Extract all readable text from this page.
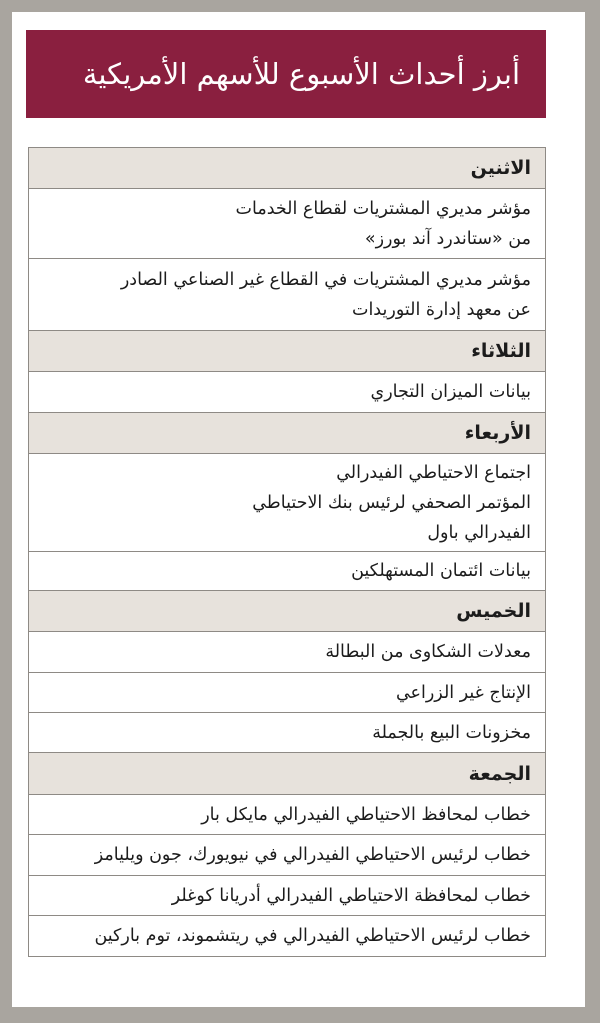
أبرز أحداث الأسبوع للأسهم الأمريكية
الاثنين
مؤشر مديري المشتريات لقطاع الخدمات
من «ستاندرد آند بورز»
مؤشر مديري المشتريات في القطاع غير الصناعي الصادر
عن معهد إدارة التوريدات
الثلاثاء
بيانات الميزان التجاري
الأربعاء
اجتماع الاحتياطي الفيدرالي
المؤتمر الصحفي لرئيس بنك الاحتياطي
الفيدرالي باول
بيانات ائتمان المستهلكين
الخميس
معدلات الشكاوى من البطالة
الإنتاج غير الزراعي
مخزونات البيع بالجملة
الجمعة
خطاب لمحافظ الاحتياطي الفيدرالي مايكل بار
خطاب لرئيس الاحتياطي الفيدرالي في نيويورك، جون ويليامز
خطاب لمحافظة الاحتياطي الفيدرالي أدريانا كوغلر
خطاب لرئيس الاحتياطي الفيدرالي في ريتشموند، توم باركين
